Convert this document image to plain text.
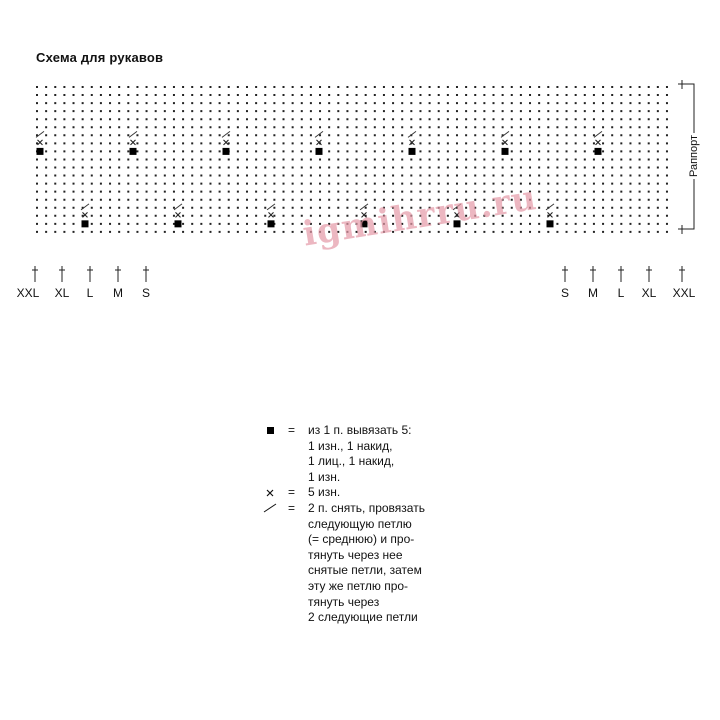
Схема для рукавов
Раппорт
XXL	XL	L	M	S	S	M	L	XL	XXL
igmihrru.ru
= из 1 п. вывязать 5:
1 изн., 1 накид,
1 лиц., 1 накид,
1 изн.
= 5 изн.
= 2 п. снять, провязать
следующую петлю
(= среднюю) и про-
тянуть через нее
снятые петли, затем
эту же петлю про-
тянуть через
2 следующие петли
